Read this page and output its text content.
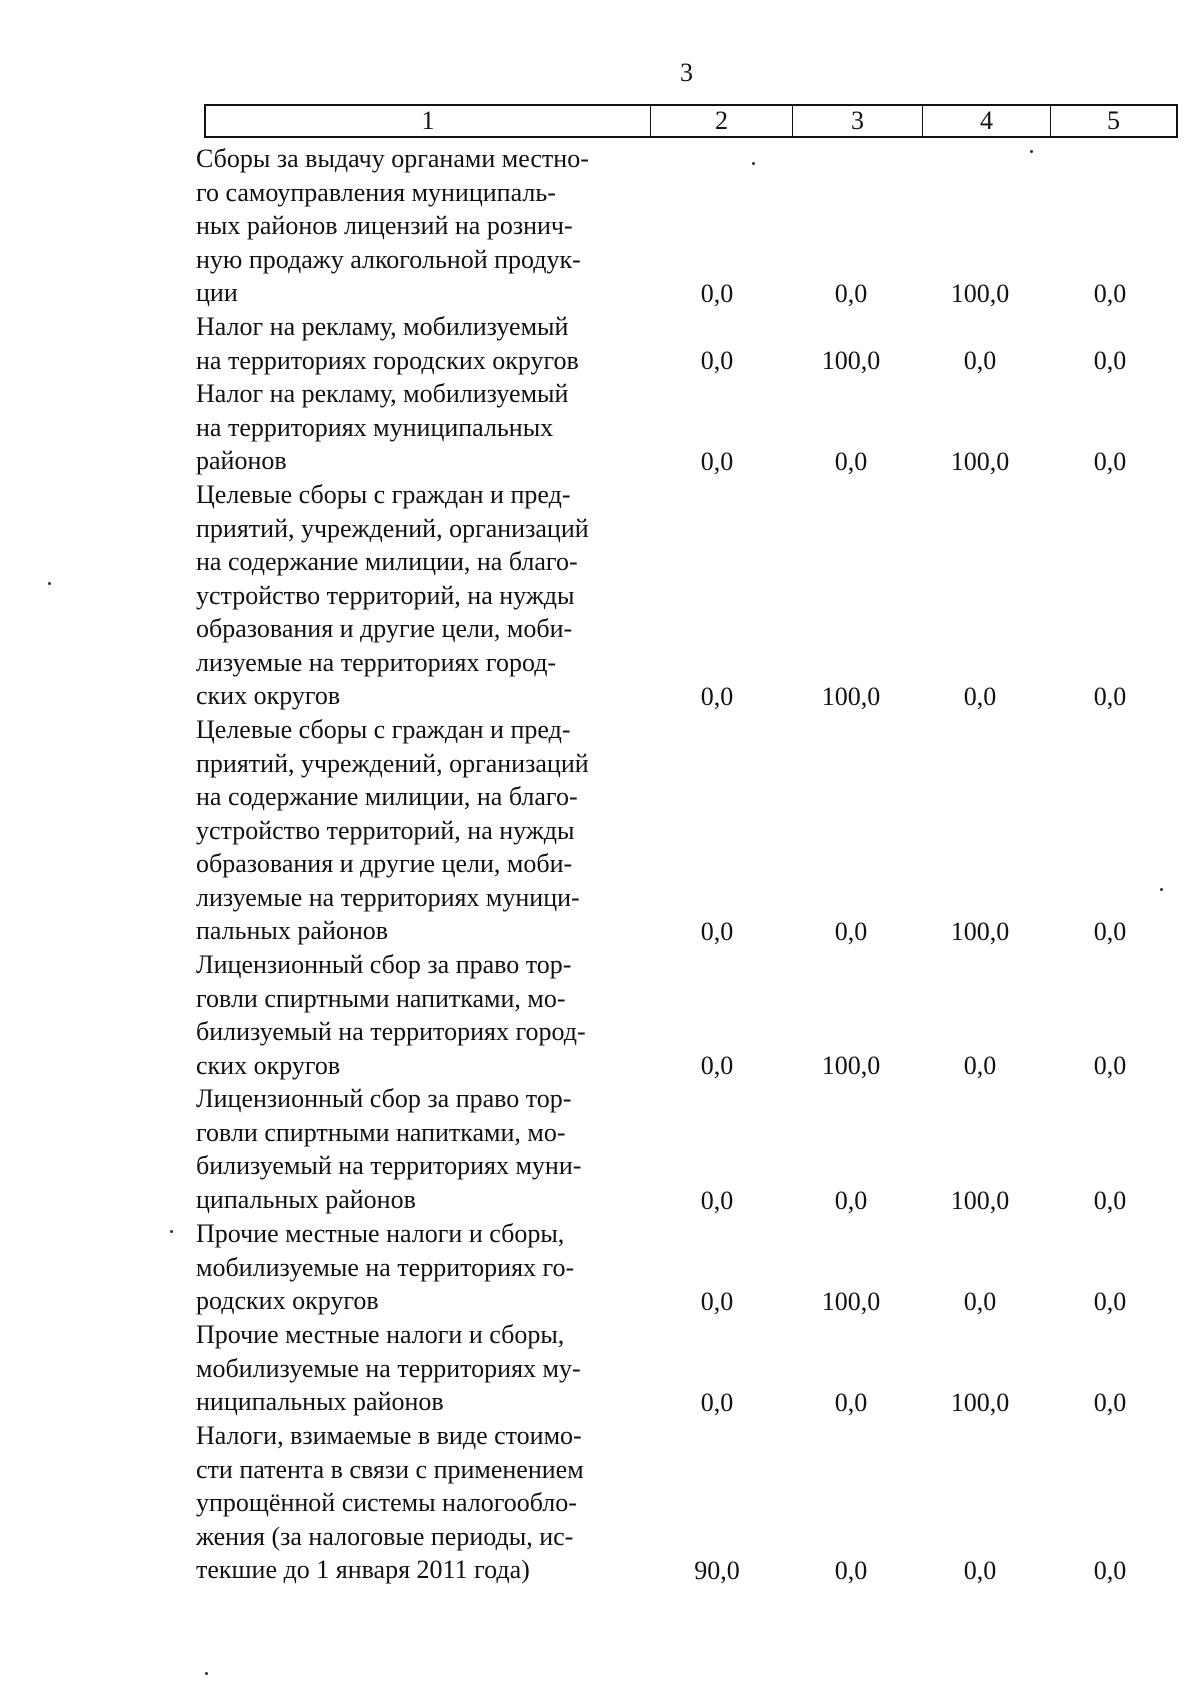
3
1	2	3	4	5
Сборы за выдачу органами местно-
го самоуправления муниципаль-
ных районов лицензий на рознич-
ную продажу алкогольной продук-
ции	0,0	0,0	100,0	0,0
Налог на рекламу, мобилизуемый
на территориях городских округов	0,0	100,0	0,0	0,0
Налог на рекламу, мобилизуемый
на территориях муниципальных
районов	0,0	0,0	100,0	0,0
Целевые сборы с граждан и пред-
приятий, учреждений, организаций
на содержание милиции, на благо-
устройство территорий, на нужды
образования и другие цели, моби-
лизуемые на территориях город-
ских округов	0,0	100,0	0,0	0,0
Целевые сборы с граждан и пред-
приятий, учреждений, организаций
на содержание милиции, на благо-
устройство территорий, на нужды
образования и другие цели, моби-
лизуемые на территориях муници-
пальных районов	0,0	0,0	100,0	0,0
Лицензионный сбор за право тор-
говли спиртными напитками, мо-
билизуемый на территориях город-
ских округов	0,0	100,0	0,0	0,0
Лицензионный сбор за право тор-
говли спиртными напитками, мо-
билизуемый на территориях муни-
ципальных районов	0,0	0,0	100,0	0,0
Прочие местные налоги и сборы,
мобилизуемые на территориях го-
родских округов	0,0	100,0	0,0	0,0
Прочие местные налоги и сборы,
мобилизуемые на территориях му-
ниципальных районов	0,0	0,0	100,0	0,0
Налоги, взимаемые в виде стоимо-
сти патента в связи с применением
упрощённой системы налогообло-
жения (за налоговые периоды, ис-
текшие до 1 января 2011 года)	90,0	0,0	0,0	0,0
